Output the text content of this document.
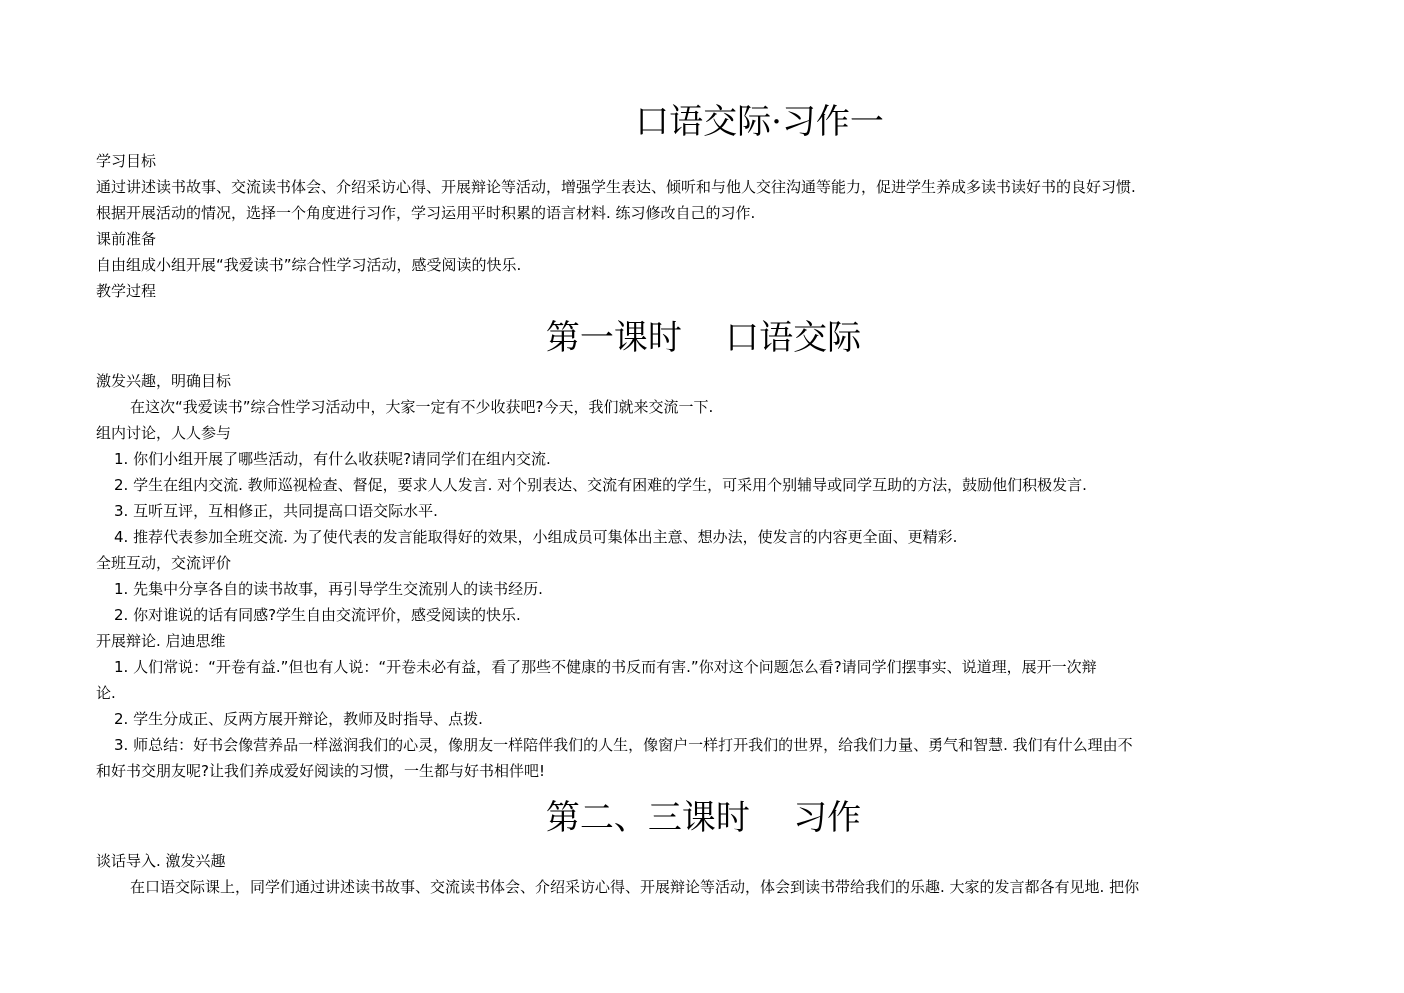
口语交际·习作一

学习目标

通过讲述读书故事、交流读书体会、介绍采访心得、开展辩论等活动，增强学生表达、倾听和与他人交往沟通等能力，促进学生养成多读书读好书的良好习惯.

根据开展活动的情况，选择一个角度进行习作，学习运用平时积累的语言材料. 练习修改自己的习作.

课前准备

自由组成小组开展“我爱读书”综合性学习活动，感受阅读的快乐.

教学过程

第一课时    口语交际

激发兴趣，明确目标

在这次“我爱读书”综合性学习活动中，大家一定有不少收获吧?今天，我们就来交流一下.

组内讨论，人人参与

1. 你们小组开展了哪些活动，有什么收获呢?请同学们在组内交流.

2. 学生在组内交流. 教师巡视检查、督促，要求人人发言. 对个别表达、交流有困难的学生，可采用个别辅导或同学互助的方法，鼓励他们积极发言.

3. 互听互评，互相修正，共同提高口语交际水平.

4. 推荐代表参加全班交流. 为了使代表的发言能取得好的效果，小组成员可集体出主意、想办法，使发言的内容更全面、更精彩.

全班互动，交流评价

1. 先集中分享各自的读书故事，再引导学生交流别人的读书经历.

2. 你对谁说的话有同感?学生自由交流评价，感受阅读的快乐.

开展辩论. 启迪思维

1. 人们常说：“开卷有益.”但也有人说：“开卷未必有益，看了那些不健康的书反而有害.”你对这个问题怎么看?请同学们摆事实、说道理，展开一次辩

论.

2. 学生分成正、反两方展开辩论，教师及时指导、点拨.

3. 师总结：好书会像营养品一样滋润我们的心灵，像朋友一样陪伴我们的人生，像窗户一样打开我们的世界，给我们力量、勇气和智慧. 我们有什么理由不

和好书交朋友呢?让我们养成爱好阅读的习惯，一生都与好书相伴吧!

第二、三课时    习作

谈话导入. 激发兴趣

在口语交际课上，同学们通过讲述读书故事、交流读书体会、介绍采访心得、开展辩论等活动，体会到读书带给我们的乐趣. 大家的发言都各有见地. 把你
